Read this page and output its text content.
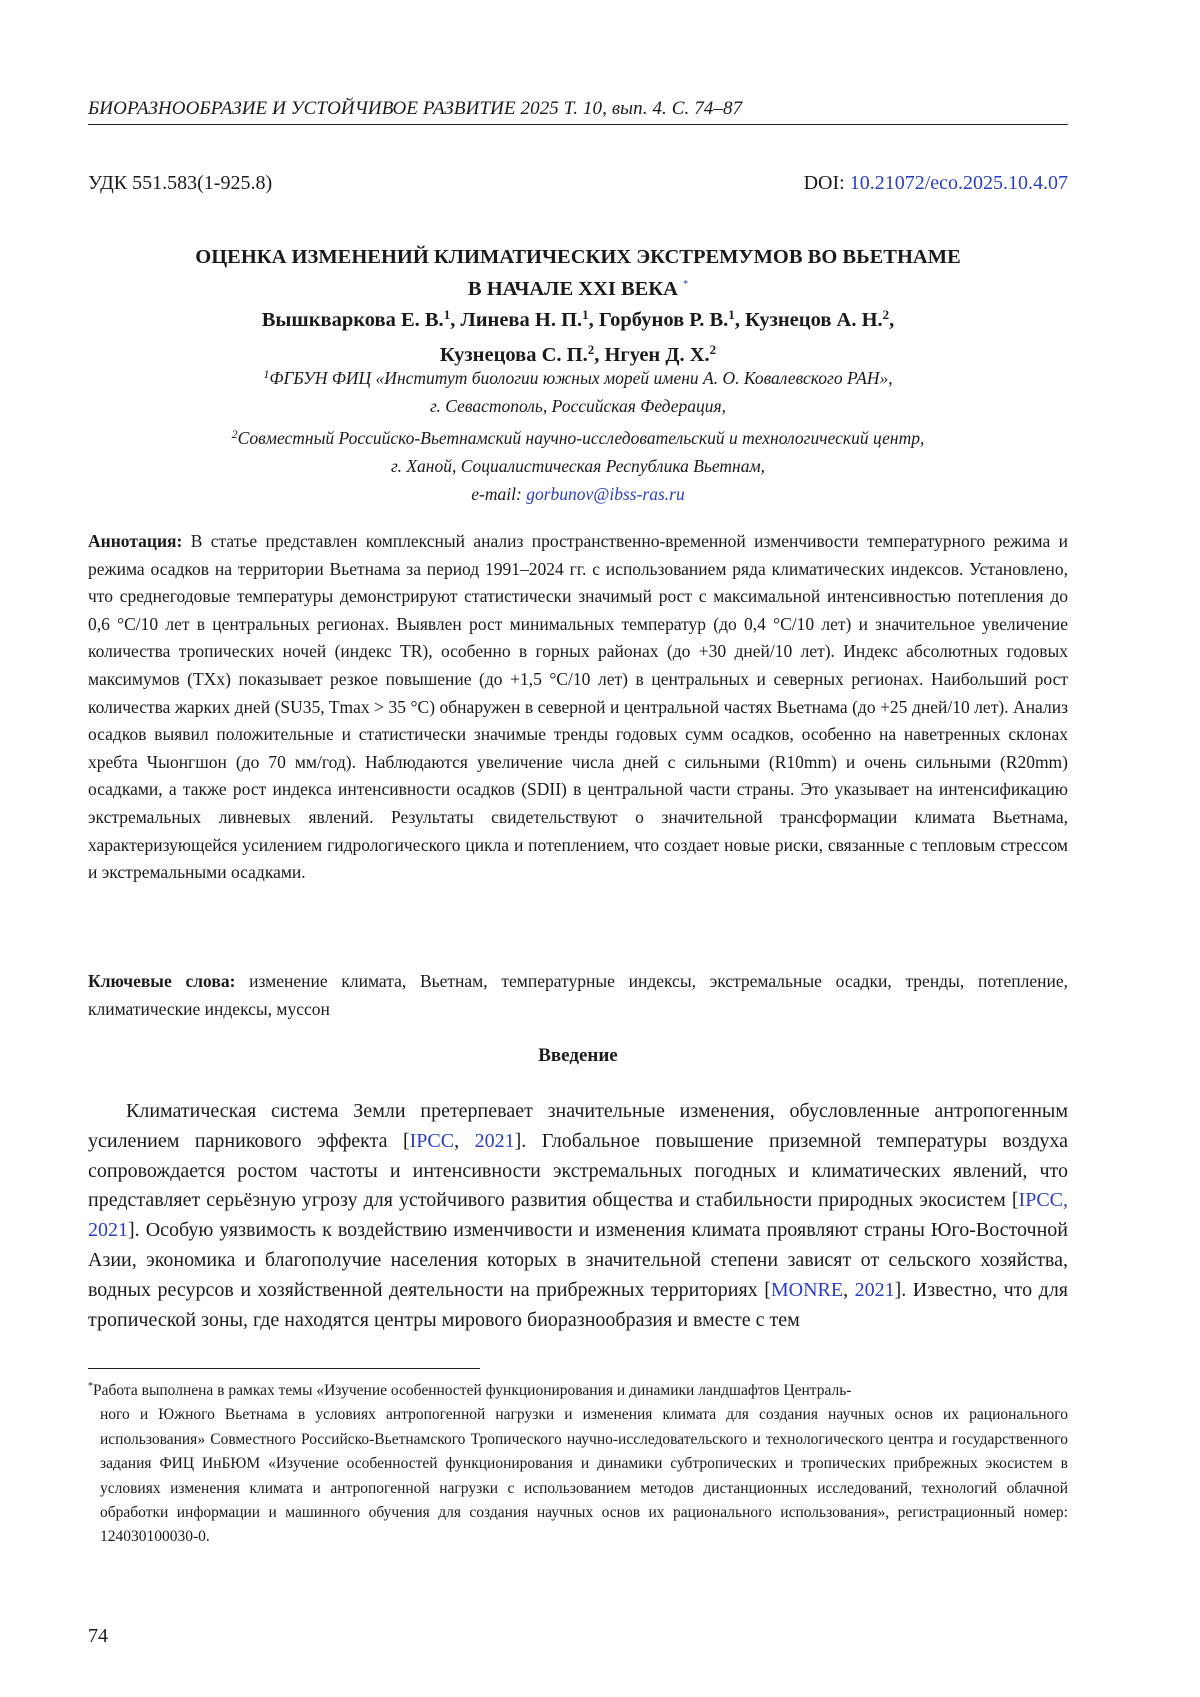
БИОРАЗНООБРАЗИЕ И УСТОЙЧИВОЕ РАЗВИТИЕ 2025 Т. 10, вып. 4. С. 74–87
УДК 551.583(1-925.8)	DOI: 10.21072/eco.2025.10.4.07
ОЦЕНКА ИЗМЕНЕНИЙ КЛИМАТИЧЕСКИХ ЭКСТРЕМУМОВ ВО ВЬЕТНАМЕ
В НАЧАЛЕ XXI ВЕКА *
Вышкваркова Е. В.$^1$, Линева Н. П.$^1$, Горбунов Р. В.$^1$, Кузнецов А. Н.$^2$,
Кузнецова С. П.$^2$, Нгуен Д. Х.$^2$
$^1$ФГБУН ФИЦ «Институт биологии южных морей имени А. О. Ковалевского РАН»,
г. Севастополь, Российская Федерация,
$^2$Совместный Российско-Вьетнамский научно-исследовательский и технологический центр,
г. Ханой, Социалистическая Республика Вьетнам,
e-mail: gorbunov@ibss-ras.ru
Аннотация: В статье представлен комплексный анализ пространственно-временной изменчивости температурного режима и режима осадков на территории Вьетнама за период 1991–2024 гг. с использованием ряда климатических индексов. Установлено, что среднегодовые температуры демонстрируют статистически значимый рост с максимальной интенсивностью потепления до 0,6 °C/10 лет в центральных регионах. Выявлен рост минимальных температур (до 0,4 °C/10 лет) и значительное увеличение количества тропических ночей (индекс TR), особенно в горных районах (до +30 дней/10 лет). Индекс абсолютных годовых максимумов (TXx) показывает резкое повышение (до +1,5 °C/10 лет) в центральных и северных регионах. Наибольший рост количества жарких дней (SU35, Tmax > 35 °C) обнаружен в северной и центральной частях Вьетнама (до +25 дней/10 лет). Анализ осадков выявил положительные и статистически значимые тренды годовых сумм осадков, особенно на наветренных склонах хребта Чыонгшон (до 70 мм/год). Наблюдаются увеличение числа дней с сильными (R10mm) и очень сильными (R20mm) осадками, а также рост индекса интенсивности осадков (SDII) в центральной части страны. Это указывает на интенсификацию экстремальных ливневых явлений. Результаты свидетельствуют о значительной трансформации климата Вьетнама, характеризующейся усилением гидрологического цикла и потеплением, что создает новые риски, связанные с тепловым стрессом и экстремальными осадками.
Ключевые слова: изменение климата, Вьетнам, температурные индексы, экстремальные осадки, тренды, потепление, климатические индексы, муссон
Введение
Климатическая система Земли претерпевает значительные изменения, обусловленные антропогенным усилением парникового эффекта [IPCC, 2021]. Глобальное повышение приземной температуры воздуха сопровождается ростом частоты и интенсивности экстремальных погодных и климатических явлений, что представляет серьёзную угрозу для устойчивого развития общества и стабильности природных экосистем [IPCC, 2021]. Особую уязвимость к воздействию изменчивости и изменения климата проявляют страны Юго-Восточной Азии, экономика и благополучие населения которых в значительной степени зависят от сельского хозяйства, водных ресурсов и хозяйственной деятельности на прибрежных территориях [MONRE, 2021]. Известно, что для тропической зоны, где находятся центры мирового биоразнообразия и вместе с тем
*Работа выполнена в рамках темы «Изучение особенностей функционирования и динамики ландшафтов Централь-
ного и Южного Вьетнама в условиях антропогенной нагрузки и изменения климата для создания научных основ их рационального использования» Совместного Российско-Вьетнамского Тропического научно-исследовательского и технологического центра и государственного задания ФИЦ ИнБЮМ «Изучение особенностей функционирования и динамики субтропических и тропических прибрежных экосистем в условиях изменения климата и антропогенной нагрузки с использованием методов дистанционных исследований, технологий облачной обработки информации и машинного обучения для создания научных основ их рационального использования», регистрационный номер: 124030100030-0.
74
